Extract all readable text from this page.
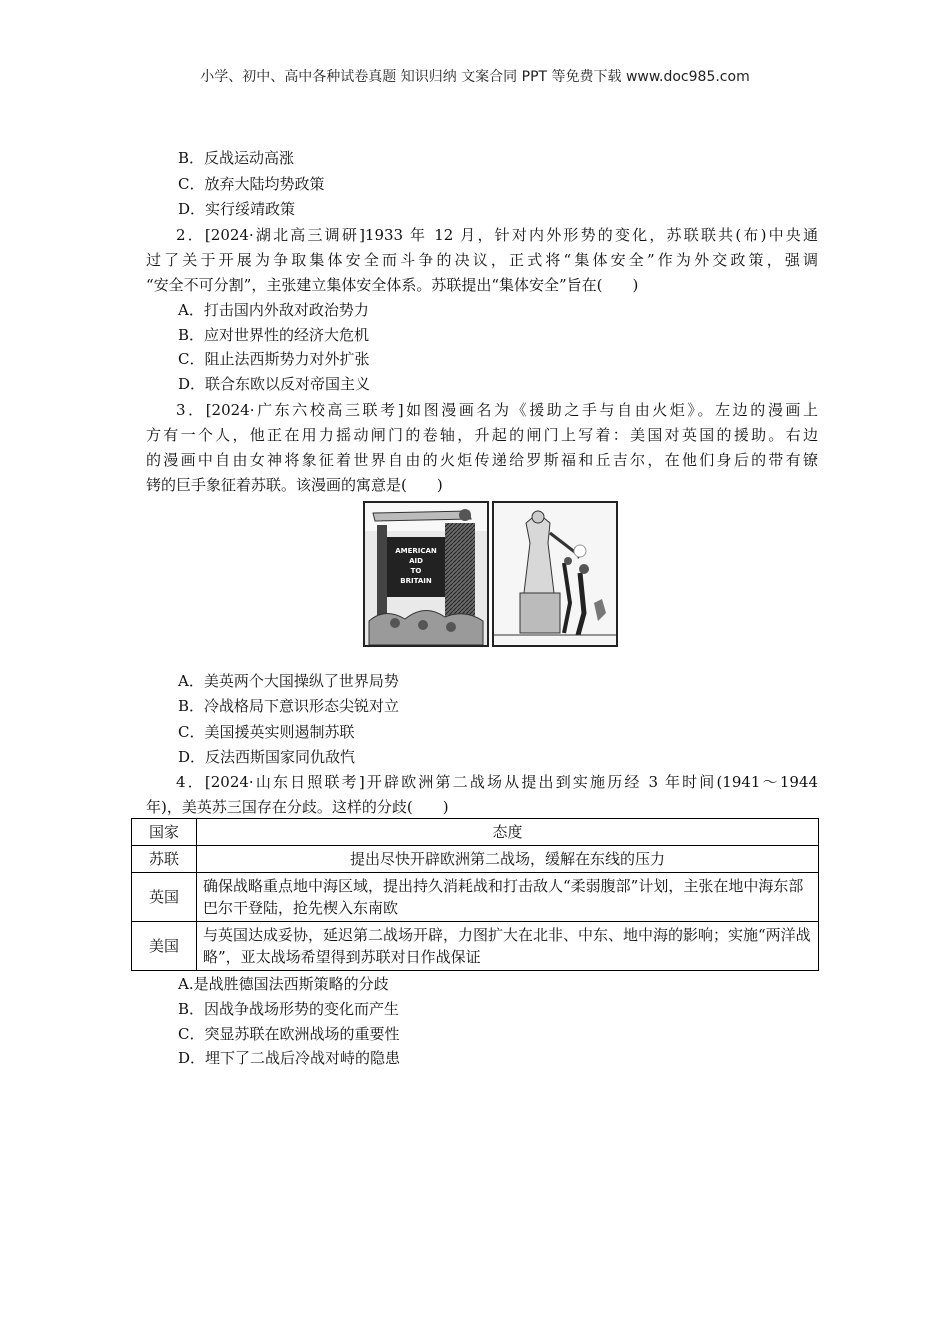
小学、初中、高中各种试卷真题 知识归纳 文案合同 PPT 等免费下载 www.doc985.com
B．反战运动高涨
C．放弃大陆均势政策
D．实行绥靖政策
2．[2024·湖北高三调研]1933 年 12 月，针对内外形势的变化，苏联联共(布)中央通
过了关于开展为争取集体安全而斗争的决议，正式将“集体安全”作为外交政策，强调
“安全不可分割”，主张建立集体安全体系。苏联提出“集体安全”旨在(　　)
A．打击国内外敌对政治势力
B．应对世界性的经济大危机
C．阻止法西斯势力对外扩张
D．联合东欧以反对帝国主义
3．[2024·广东六校高三联考]如图漫画名为《援助之手与自由火炬》。左边的漫画上
方有一个人，他正在用力摇动闸门的卷轴，升起的闸门上写着：美国对英国的援助。右边
的漫画中自由女神将象征着世界自由的火炬传递给罗斯福和丘吉尔，在他们身后的带有镣
铐的巨手象征着苏联。该漫画的寓意是(　　)
AMERICAN
AID
TO
BRITAIN
A．美英两个大国操纵了世界局势
B．冷战格局下意识形态尖锐对立
C．美国援英实则遏制苏联
D．反法西斯国家同仇敌忾
4．[2024·山东日照联考]开辟欧洲第二战场从提出到实施历经 3 年时间(1941～1944
年)，美英苏三国存在分歧。这样的分歧(　　)
国家	态度
苏联	提出尽快开辟欧洲第二战场，缓解在东线的压力
英国	确保战略重点地中海区域，提出持久消耗战和打击敌人“柔弱腹部”计划，主张在地中海东部巴尔干登陆，抢先楔入东南欧
美国	与英国达成妥协，延迟第二战场开辟，力图扩大在北非、中东、地中海的影响；实施“两洋战略”，亚太战场希望得到苏联对日作战保证
A.是战胜德国法西斯策略的分歧
B．因战争战场形势的变化而产生
C．突显苏联在欧洲战场的重要性
D．埋下了二战后冷战对峙的隐患
